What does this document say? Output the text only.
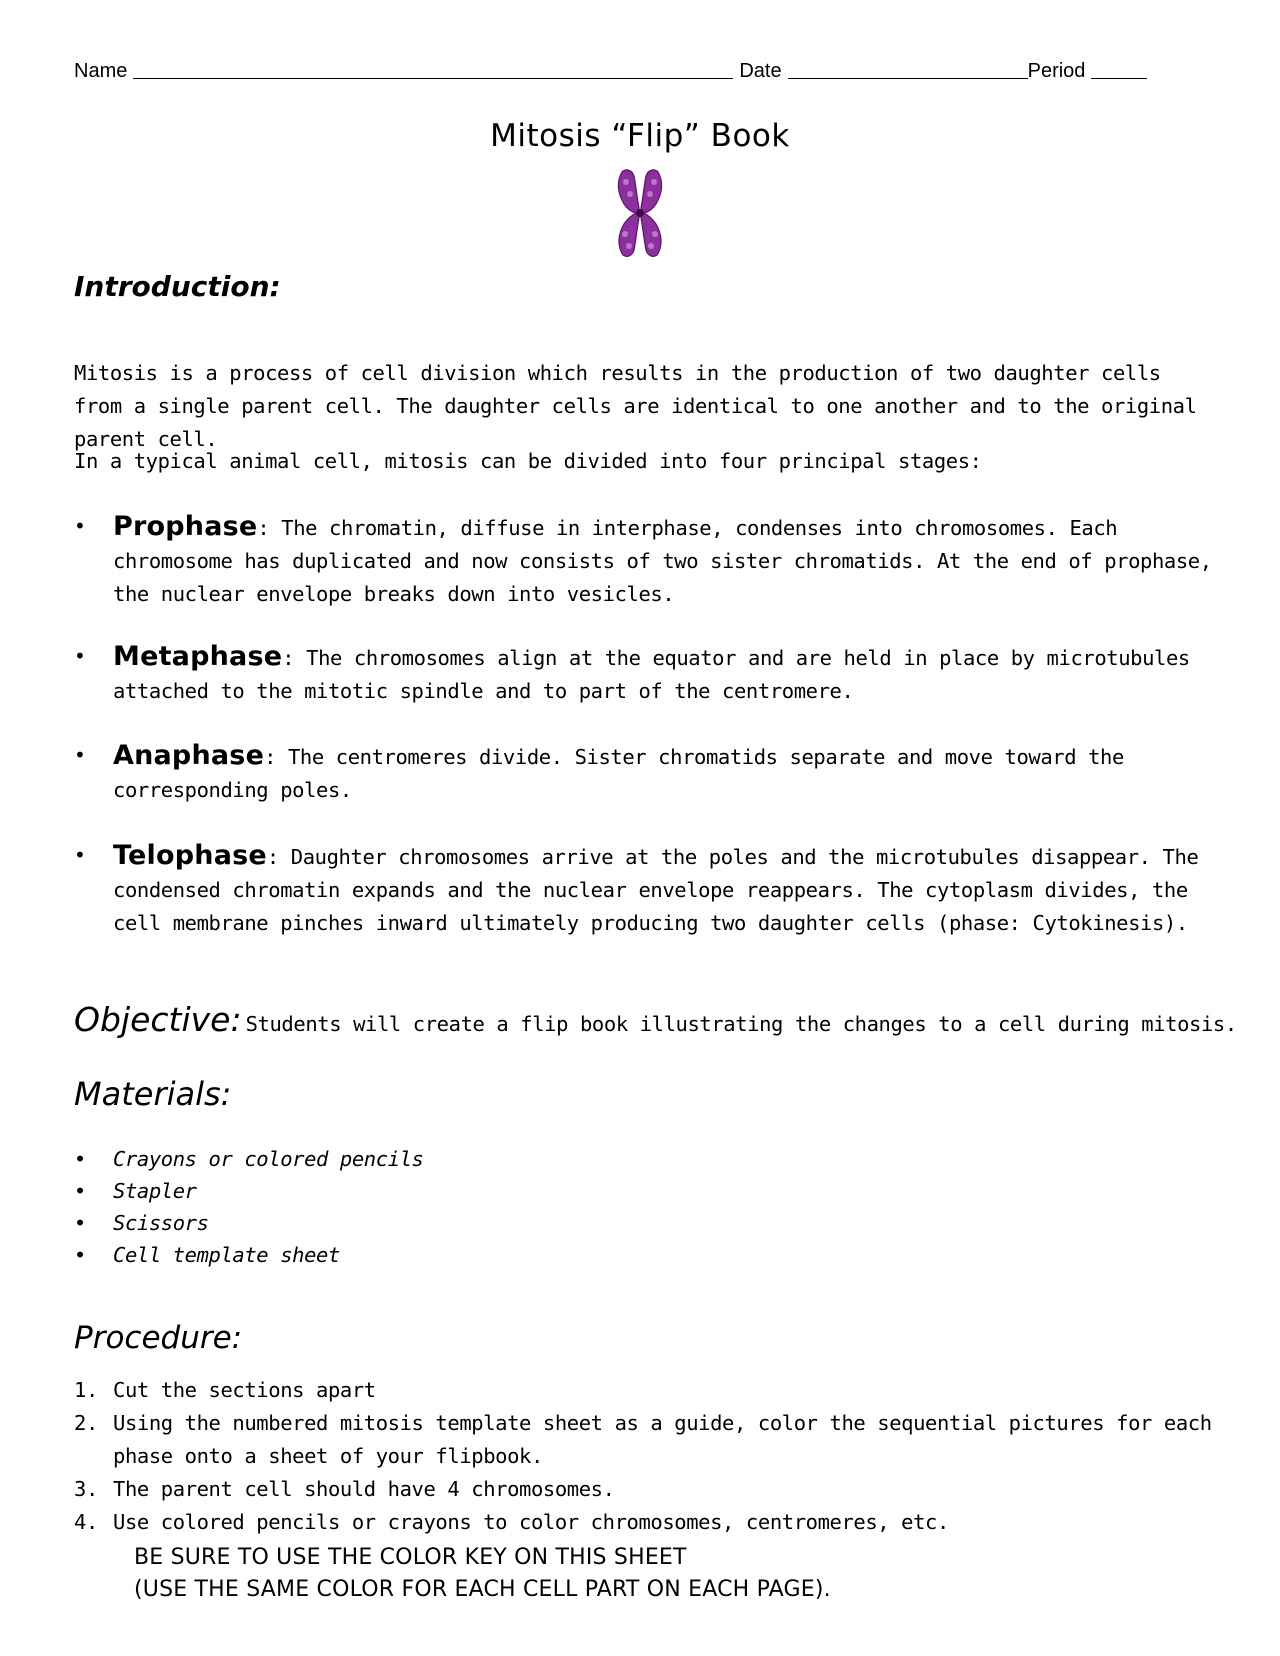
Name	Date	Period
Mitosis “Flip” Book
Introduction:
Mitosis is a process of cell division which results in the production of two daughter cells from a single parent cell. The daughter cells are identical to one another and to the original parent cell.
In a typical animal cell, mitosis can be divided into four principal stages:
• Prophase: The chromatin, diffuse in interphase, condenses into chromosomes. Each chromosome has duplicated and now consists of two sister chromatids. At the end of prophase, the nuclear envelope breaks down into vesicles.
• Metaphase: The chromosomes align at the equator and are held in place by microtubules attached to the mitotic spindle and to part of the centromere.
• Anaphase: The centromeres divide. Sister chromatids separate and move toward the corresponding poles.
• Telophase: Daughter chromosomes arrive at the poles and the microtubules disappear. The condensed chromatin expands and the nuclear envelope reappears. The cytoplasm divides, the cell membrane pinches inward ultimately producing two daughter cells (phase: Cytokinesis).
Objective: Students will create a flip book illustrating the changes to a cell during mitosis.
Materials:
• Crayons or colored pencils
• Stapler
• Scissors
• Cell template sheet
Procedure:
1. Cut the sections apart
2. Using the numbered mitosis template sheet as a guide, color the sequential pictures for each phase onto a sheet of your flipbook.
3. The parent cell should have 4 chromosomes.
4. Use colored pencils or crayons to color chromosomes, centromeres, etc.
BE SURE TO USE THE COLOR KEY ON THIS SHEET
(USE THE SAME COLOR FOR EACH CELL PART ON EACH PAGE).
